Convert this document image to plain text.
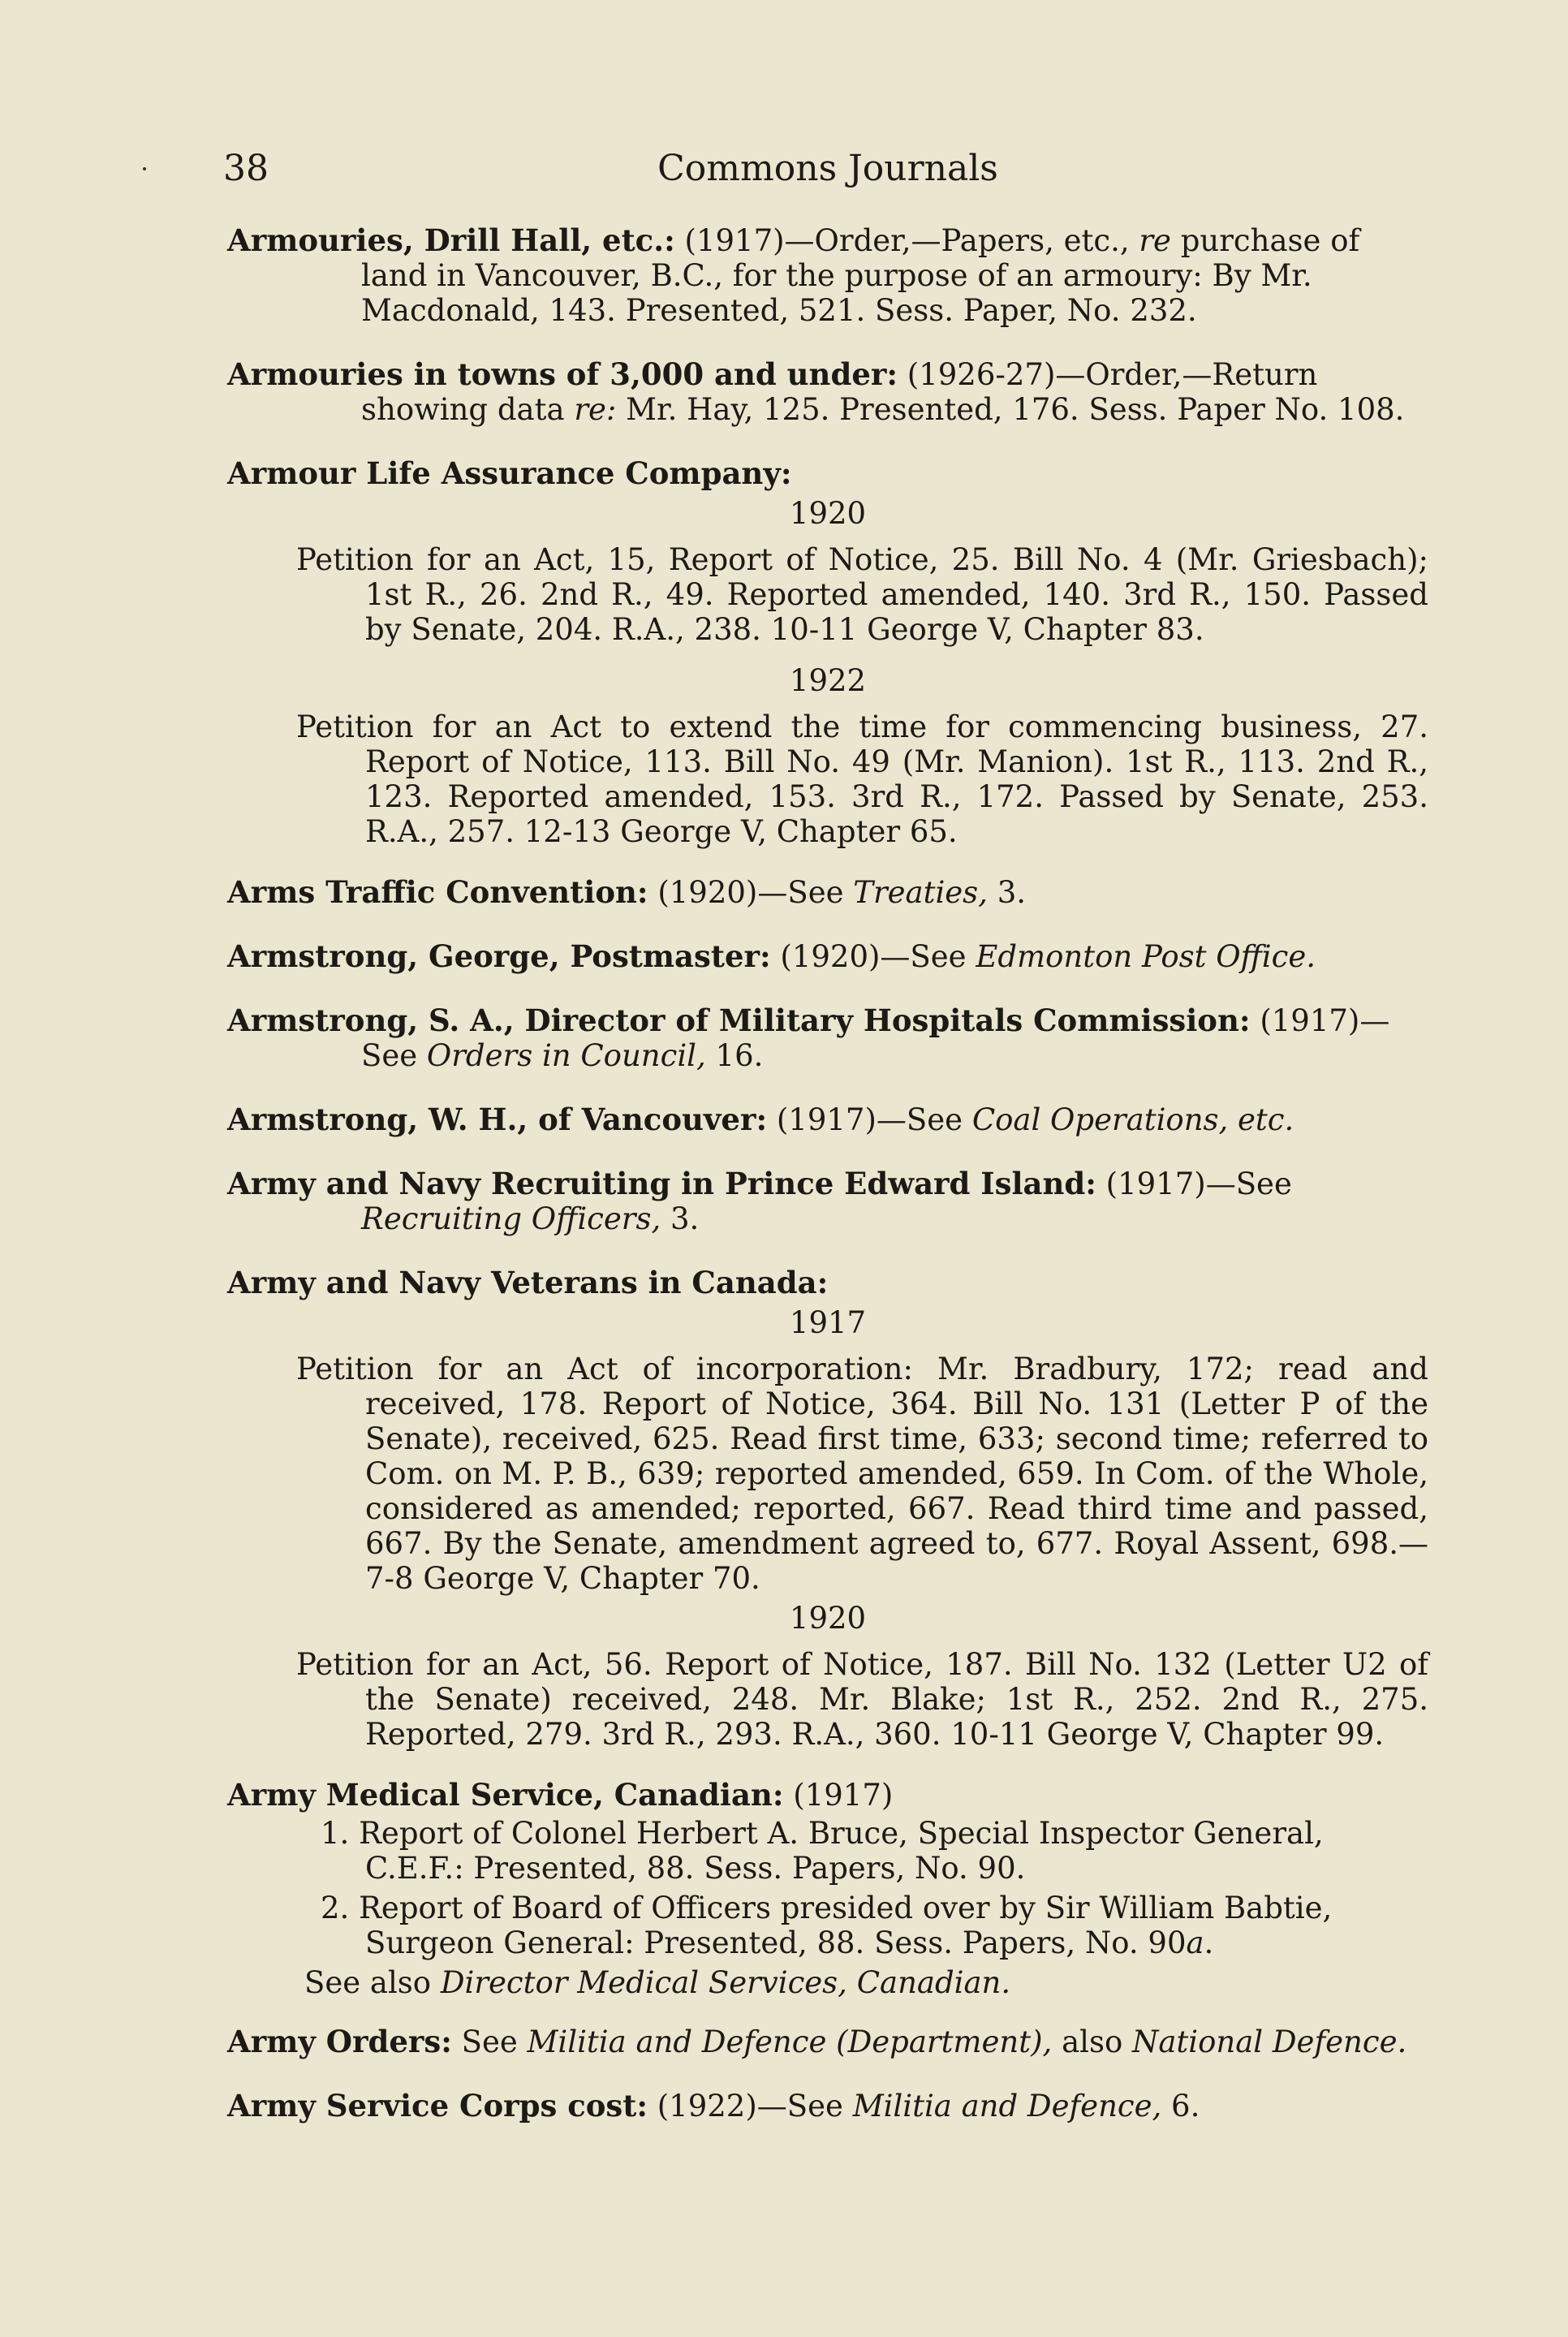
38	Commons Journals

Armouries, Drill Hall, etc.: (1917)—Order,—Papers, etc., re purchase of land in Vancouver, B.C., for the purpose of an armoury: By Mr. Macdonald, 143. Presented, 521. Sess. Paper, No. 232.

Armouries in towns of 3,000 and under: (1926-27)—Order,—Return showing data re: Mr. Hay, 125. Presented, 176. Sess. Paper No. 108.

Armour Life Assurance Company:

1920

Petition for an Act, 15, Report of Notice, 25. Bill No. 4 (Mr. Griesbach); 1st R., 26. 2nd R., 49. Reported amended, 140. 3rd R., 150. Passed by Senate, 204. R.A., 238. 10-11 George V, Chapter 83.

1922

Petition for an Act to extend the time for commencing business, 27. Report of Notice, 113. Bill No. 49 (Mr. Manion). 1st R., 113. 2nd R., 123. Reported amended, 153. 3rd R., 172. Passed by Senate, 253. R.A., 257. 12-13 George V, Chapter 65.

Arms Traffic Convention: (1920)—See Treaties, 3.

Armstrong, George, Postmaster: (1920)—See Edmonton Post Office.

Armstrong, S. A., Director of Military Hospitals Commission: (1917)—See Orders in Council, 16.

Armstrong, W. H., of Vancouver: (1917)—See Coal Operations, etc.

Army and Navy Recruiting in Prince Edward Island: (1917)—See Recruiting Officers, 3.

Army and Navy Veterans in Canada:

1917

Petition for an Act of incorporation: Mr. Bradbury, 172; read and received, 178. Report of Notice, 364. Bill No. 131 (Letter P of the Senate), received, 625. Read first time, 633; second time; referred to Com. on M. P. B., 639; reported amended, 659. In Com. of the Whole, considered as amended; reported, 667. Read third time and passed, 667. By the Senate, amendment agreed to, 677. Royal Assent, 698.—7-8 George V, Chapter 70.

1920

Petition for an Act, 56. Report of Notice, 187. Bill No. 132 (Letter U2 of the Senate) received, 248. Mr. Blake; 1st R., 252. 2nd R., 275. Reported, 279. 3rd R., 293. R.A., 360. 10-11 George V, Chapter 99.

Army Medical Service, Canadian: (1917)

1. Report of Colonel Herbert A. Bruce, Special Inspector General, C.E.F.: Presented, 88. Sess. Papers, No. 90.

2. Report of Board of Officers presided over by Sir William Babtie, Surgeon General: Presented, 88. Sess. Papers, No. 90a.

See also Director Medical Services, Canadian.

Army Orders: See Militia and Defence (Department), also National Defence.

Army Service Corps cost: (1922)—See Militia and Defence, 6.
